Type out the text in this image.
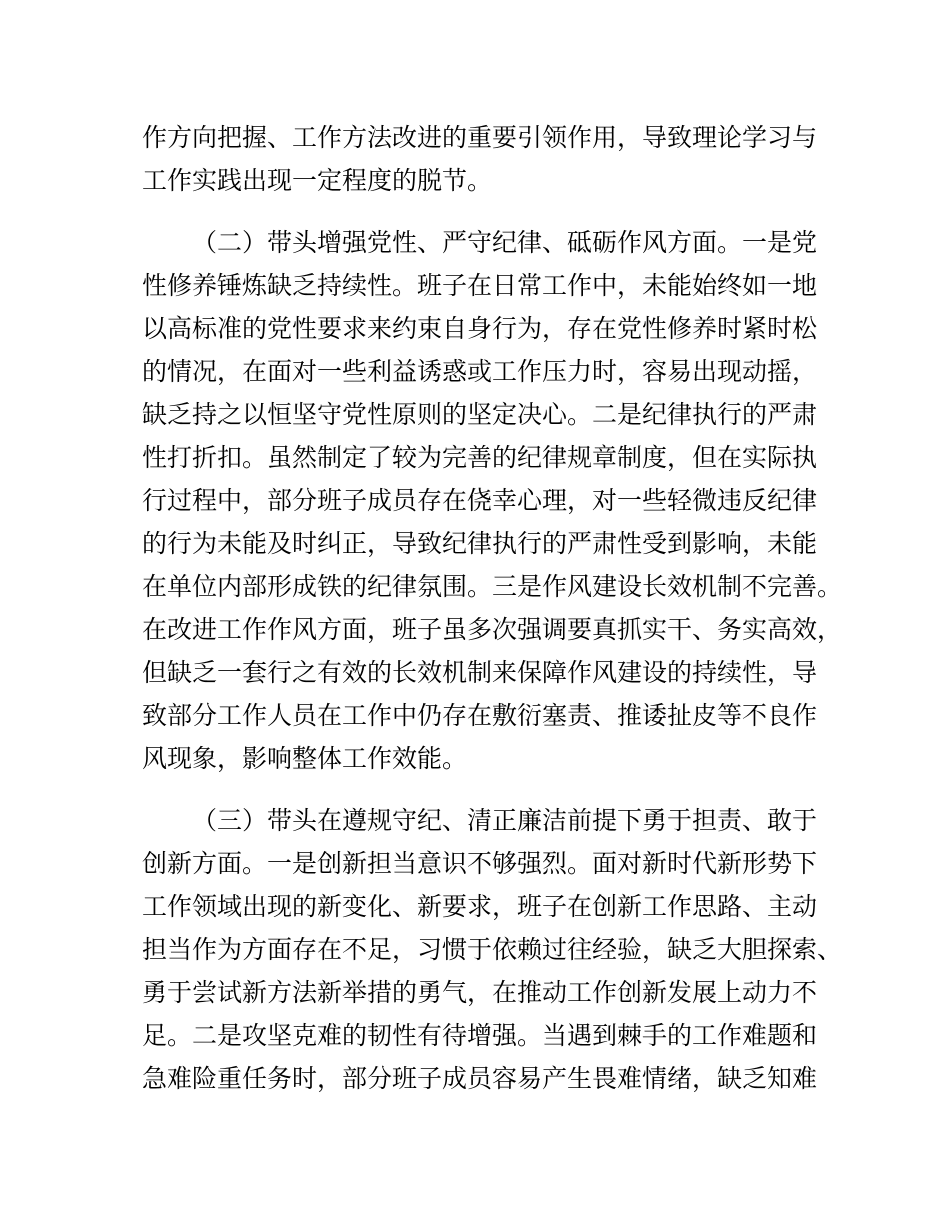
作方向把握、工作方法改进的重要引领作用，导致理论学习与
工作实践出现一定程度的脱节。
（二）带头增强党性、严守纪律、砥砺作风方面。一是党
性修养锤炼缺乏持续性。班子在日常工作中，未能始终如一地
以高标准的党性要求来约束自身行为，存在党性修养时紧时松
的情况，在面对一些利益诱惑或工作压力时，容易出现动摇，
缺乏持之以恒坚守党性原则的坚定决心。二是纪律执行的严肃
性打折扣。虽然制定了较为完善的纪律规章制度，但在实际执
行过程中，部分班子成员存在侥幸心理，对一些轻微违反纪律
的行为未能及时纠正，导致纪律执行的严肃性受到影响，未能
在单位内部形成铁的纪律氛围。三是作风建设长效机制不完善。
在改进工作作风方面，班子虽多次强调要真抓实干、务实高效，
但缺乏一套行之有效的长效机制来保障作风建设的持续性，导
致部分工作人员在工作中仍存在敷衍塞责、推诿扯皮等不良作
风现象，影响整体工作效能。
（三）带头在遵规守纪、清正廉洁前提下勇于担责、敢于
创新方面。一是创新担当意识不够强烈。面对新时代新形势下
工作领域出现的新变化、新要求，班子在创新工作思路、主动
担当作为方面存在不足，习惯于依赖过往经验，缺乏大胆探索、
勇于尝试新方法新举措的勇气，在推动工作创新发展上动力不
足。二是攻坚克难的韧性有待增强。当遇到棘手的工作难题和
急难险重任务时，部分班子成员容易产生畏难情绪，缺乏知难
